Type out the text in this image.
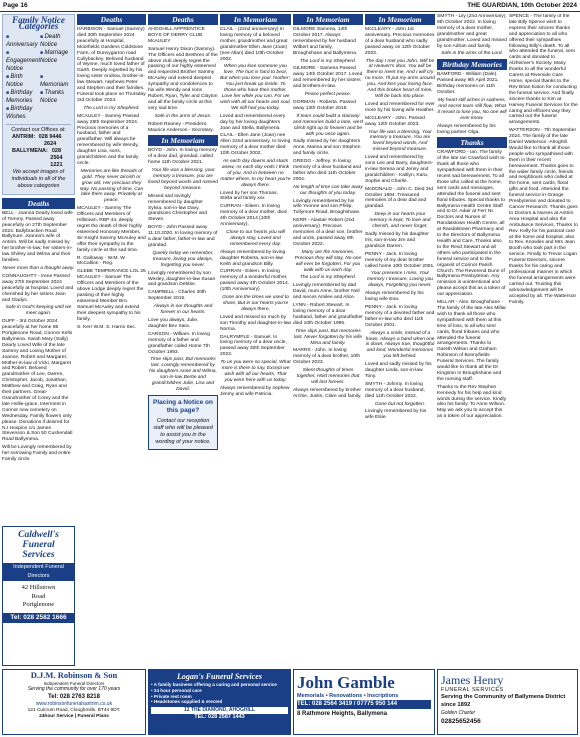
Page 16	THE GUARDIAN, 10th October 2024
Family Notice Categories
■ Anniversary
■ Death Notice
■ Engagement Notice
■ Marriage Notice
■ Birth Notice
■	Memoriam
■ Birthday Memories
■ Thanks Notice
■ Birthday Wishes
Contact our Offices at:
ANTRIM: 028 9446 2624
BALLYMENA: 028 2564 1221
We accept images of individuals in all of the above categories
Deaths
BELL - Joanna Dearly loved wife of Tommy. Passed away peacefully on 27th September 2024. Ballybracken Road Ballynure. Joanna's wife of Antrim. Will be sadly missed by her brother-in-law, her sisters-in-law Shirley and Wilma and their families.
Never more than a thought away.
CONNAUGHTY - Irene Passed away 27th September 2024 peacefully at hospital. Loved and cherished by her sisters Jean and Gladys.
Safe in God's keeping until we meet again.
DUFF - 3rd October 2024 peacefully at her home 85 Portglenone Road, Connor Kells Ballymena. Sarah Mary (Sally) Dearly Loved Wife of the late Sammy and Loving Mother of Joanne, Robert and Margaret. Mother-in-law of Vicki, Margaret and Robert. Beloved grandmother of Lee, Darren, Christopher, Jacob, Jonathan, Matthew and Craig, Ryan and their partners. Great-Grandmother of Corey and the late Hollie-grace. Interment in Connor new cemetery on Wednesday. Family flowers only please. Donations if desired for N.I Hospice c/o James Stevenson & Son 50 Cushendall Road Ballymena.
Will be Lovingly remembered by her sorrowing Family and entire Family circle.
Deaths
HARBISON - Samuel (Sammy) died 30th September 2024 peacefully at Hospital, Moorfields Gardens Coldstone Farm, of Dunnygarron road Cullybackey. Beloved husband of Wynne, much loved father of Garth. Deeply regretted by his loving sister Andrea, brother-in-law Stewart, nephews Peter and Stephen and their families. Funeral took place on Thursday 3rd October 2024.
The Lord is my Shepherd.
MCAULEY - Sammy Passed away 28th September 2024. Precious memories of a husband, father and grandfather. Will always be remembered by wife Wendy, daughter Lisa, sons, grandchildren and the family circle.
Memories are like threads of gold. They never tarnish or grow old. Her precious they stay. No passing of time, Can take them away. Privately at peace.
MCAULEY - Sammy The Officers and Members of Hillstown, RBP 44, deeply regret the death of their highly esteemed Honorary Member, Sir Knight Sammy McAuley and offer their sympathy to the family circle at this sad time.
R. Galloway - W.M. W. McCallion - Reg.
GLEBE TEMPERANCE LOL 25 MCAULEY - Samuel The Officers and Members of the above Lodge deeply regret the passing of their highly esteemed Member Bro. Samuel McAuley and extend their deepest sympathy to his family.
S. Kerr W.M. S. Harris Sec.
Deaths
AHOGHILL APPRENTICE BOYS OF DERRY CLUB McAULEY
Samuel Henry Dixon (Sammy). The Officers and Brethren of the above club deeply regret the passing of our highly esteemed and respected Brother Sammy McAuley and extend deepest sympathy and condolences to his wife Wendy and sons Robert, Ryan, Tyler and Clayton and all the family circle at this very sad time.
Safe in the arms of Jesus.
Robert Reaney - President. Maurice Anderson - Secretary.
In Memoriam
BOYD - John. In loving memory of a dear dad, grandad, called home 11th October 2021.
Your life was a blessing, your memory a treasure, you are loved beyond words and missed beyond measure.
Missed and lovingly remembered by daughter Sylvia, son-in-law Davy, grandsons Christopher and Steven.
BOYD - John Passed away 11.10.2020. In loving memory of a dear father, father-in-law and grandad.
Quietly today we remember, treasure, loving you always, forgetting you never.
Lovingly remembered by son Wesley, daughter-in-law Susan and grandson Debbie.
CAMPBELL - Charles 30th September 2015.
Always in our thoughts and forever in our hearts.
Love you always, Julie, daughter Bev Sara.
CARSON - William. In loving memory of a father and grandfather called Home 7th October 1993.
Time slips past, But memories last. Lovingly remembered by his daughters Anne and Wilma, son-in-law Bertie and grandchildren Julie, Lisa and David.
Placing a Notice on this page?
Contact our reception staff who will be pleased to assist you in the wording of your notice.
In Memoriam
CLAIL - (22nd anniversary) In loving memory of a beloved mother, grandmother and great grandmother Ellen Jane (Joan) (nee Allan) died 10th October 2002.
When you lose someone you love, The hurt is hard to bear, But when you lose your 'mother', You just break up inside. To those who have their mother, Love her while you can, For we wish with all our hearts and soul, We still had you today.
Loved and remembered every day by her loving daughters Joan and Stella, Ballymena.
CLAIL - Ellen Jane (Joan) nee Allen 22nd anniversary. In loving memory of a dear mother died 10th October 2002.
As each day dawns and starts anew, As each day ends I think of you. And in between no matter where, In my heart you're always there.
Loved by her son Thomas, Stella and family xxx
CURRAN - Eileen. In loving memory of a dear mother, died 4th October 2014 (10th Anniversary).
Close to our hearts you will always stay, Loved and remembered every day.
Always remembered by loving daughter Roberta, son-in-law Keith and grandson Billy.
CURRAN - Eileen. In loving memory of a wonderful mother, passed away 4th October 2014. (10th Anniversary)
Gone are the times we used to share, But in our hearts you're always there.
Loved and missed so much by son Timothy and daughter-in-law Norma.
DALRYMPLE - Samuel. In loving memory of a dear uncle, passed away 30th September 2023.
To us you were so special, What more is there to say, Except we wish with all our hearts, That you were here with us today.
Always remembered by nephew Jimmy and wife Patricia.
In Memoriam
GILMORE Samena, 14th October 2017. Always remembered by her husband Wilbert and family, Broughshane and Ballymena.
The Lord is my Shepherd.
GILMORE - Samena Passed away 14th October 2017. Loved and remembered by her sisters and brothers-in-law.
Peace perfect peace.
GORMAN - Roberta. Passed away 13th October 2018.
If tears could build a stairway and memories build a lane, we'd climb right up to heaven and be with you once again.
Sadly missed by her daughters Anne, Marina and son Stephen and family circle.
GREGG - Jeffrey. In loving memory of a dear husband and father who died 11th October 2004.
No length of time can take away our thoughts of you today.
Lovingly remembered by his wife Yvonne and son Philip, Tullymore Road, Broughshane.
KERR - Alastair Robert (2nd anniversary). Precious memories of a dear son, brother and uncle, passed away 9th October 2022.
Many are the memories, Precious they will stay, No-one will ever be forgotten. For you walk with us each day.
The Lord is my Shepherd.
Lovingly remembered by dad David, mum Anne, brother Neil and nieces Amilee and Alice.
LYNN - Robert Stewart. In loving memory of a dear husband, father and grandfather died 10th October 1995.
Time slips past, But memories last. Never forgotten by his wife Mina and family.
MARRS - John. In loving memory of a dear brother, 10th October 2023.
Silent thoughts of times together, Hold memories that will last forever.
Always remembered by brother Archie, Justin, Clare and family.
In Memoriam
McCLEARY - John 1st anniversary. Precious memories of a dear husband who sadly passed away on 12th October 2023.
The day I met you John, Will be at Heaven's door. You will be there to meet me, And I will cry no more. I'll put my arms around you, And kiss your loving face. And this broken heart of mine, Will be back into place.
Loved and remembered for ever more by his loving wife Heather.
McCLEARY - John. Passed away 12th October 2023.
Your life was a blessing, Your memory a treasure, You are loved beyond words, And missed beyond measure.
Loved and remembered by sons Lee and Barry, daughters-in-law Serena and Jenny and grandchildren - Kaitlyn, Kara, Sophie and Charlie.
McDONALD - John C. Died 3rd October 1994. Treasured memories of a dear dad and grandad.
Deep in our hearts your memory is kept, To love and cherish, and never forget.
Sadly missed by his daughter Iris, son-in-law Jim and grandson Darren.
PENNY - Jack. In loving memory of my dear brother called home 10th October 2001.
Your presence I miss, Your memory I treasure, Loving you always, Forgetting you never.
Always remembered by his loving wife Ena.
PENNY - Jack. In loving memory of a devoted father and father-in-law who died 11th October 2001.
Always a smile, instead of a frown, Always a hand when one is down, Always true, thoughtful and kind, Wonderful memories you left behind.
Loved and sadly missed by his daughter Linda, son-in-law Tony.
SMYTH - Johnny. In loving memory of a dear husband, died 11th October 2022.
Gone but not forgotten.
Lovingly remembered by his wife Elsie.
SMYTH - Lily (2nd Anniversary). 8th October 2022. In loving memory of a dear mother, grandmother and great grandmother. Loved and missed by son Adrian and family.
Safe in the arms of the Lord.
Birthday Memories
BAMFORD - William (Dale). Passed away 9th April 2021. Birthday memories on 11th October.
My heart still aches in sadness, And secret tears still flow, What it meant to lose you, No one will ever know.
Always remembered by his loving partner Olga.
Thanks
CRAWFORD - Ian. The family of the late Ian Crawford wish to thank all those who sympathised with them in their recent sad bereavement. To all those who called at the home, sent cards and messages, attended the funeral and sent floral tributes. Special thanks to Ballymena Health Centre Staff and to Dr. Adair at Ferr NI. Doctors and Nurses of Randalstown Health Centre, all at Randalstown Pharmacy and to the Directors of Ballymena Health and Care. Thanks also to the Revd Stewart and all others who participated in the funeral service and to the organist of Connor Parish Church. The Reverend Dunn of Ballymena Presbyterian. Any omission is unintentional and please accept this as a token of our appreciation.
MILLAR - Alex. Broughshane - The family of the late Alex Millar wish to thank all those who sympathised with them at this time of loss, to all who sent cards, floral tributes and who attended the funeral arrangements. Thanks to Gareth Wilson and Graham Robinson of Bonnyfields Funeral Services. The family would like to thank all the Dr Kingston in Broughshane and the nursing staff.
Thanks to the Rev Stephen Kennedy for his help and kind words during the service. Kindly also his family. To Anne Wilson. May we ask you to accept this as a token of our appreciation.
SPENCE - The family of the late Billy Spence wish to express their sincere thanks and appreciation to all who offered their sympathies following Billy's death. To all who attended the funeral, sent cards and donated to Alzheimer's Society. Many thanks to all the wonderful Carers at Riverside Care Home, special thanks to the Rev Brian Eaton for conducting the funeral service. And finally sincere thanks to Kim at Harvey Funeral Services for the caring and efficient way they carried out the funeral arrangements.
WATTERSON - 7th September 2024. The family of the late Daniel Watterson -Ahoghill. Would like to thank all those people who sympathised with them in their recent bereavement. Thanks goes to the wider family circle, friends and neighbours who called at the home, sent cards, floral gifts and food. Attended the funeral service in Grange Presbyterian and donated to Cancer Research. Thanks goes to Doctors & Nurses at Antrim Area Hospital and also the Ambulance Services. Thanks to Rev. Kelly for his pastoral care at the home and hospital, also to Rev. Knowles and Mrs Jean Booth who took part in the service. Finally to Trevor Logan Funeral Directors, sincere thanks for his caring and professional manner in which the funeral arrangements were carried out. Trusting this acknowledgement will be accepted by all. The Watterson Family.
Caldwell's
Funeral
Services
Independent Funeral Directors
42 Hillstown
Road
Portglenone
Tel: 028 2582 1666
D.J.M. Robinson & Son
Independent Funeral Directors
Serving the community for over 170 years
Tel: 028 2763 8218
www.robinsonfuneralsantrim.co.uk
121 Culcrum Road, Cloughmills. BT44 9DT.
24hour Service | Funeral Plans
Logan's Funeral Services
• A family business offering a caring and personal service
• 24 hour personal care
• Private rest room
• Headstones supplied & erected
12 THE DIAMOND, AHOGHILL
TEL: 028 2587 1443
John Gamble
Memorials • Renovations • Inscriptions
TEL: 028 2564 3419 / 07775 950 144
8 Rathmore Heights, Ballymena
James Henry
FUNERAL SERVICES
Serving the Community of Ballymena District since 1892
Golden Charter
02825652456
